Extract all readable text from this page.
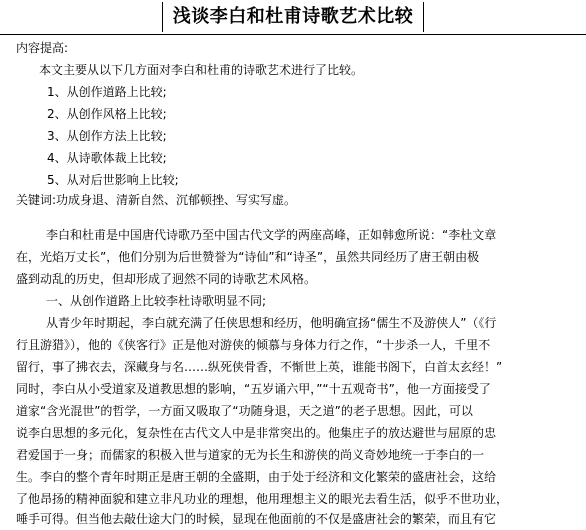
浅谈李白和杜甫诗歌艺术比较
内容提高:
本文主要从以下几方面对李白和杜甫的诗歌艺术进行了比较。
1、从创作道路上比较;
2、从创作风格上比较;
3、从创作方法上比较;
4、从诗歌体裁上比较;
5、从对后世影响上比较;
关键词:功成身退、清新自然、沉郁顿挫、写实写虚。
李白和杜甫是中国唐代诗歌乃至中国古代文学的两座高峰，正如韩愈所说：“李杜文章
在，光焰万丈长”，他们分别为后世赞誉为“诗仙”和“诗圣”，虽然共同经历了唐王朝由极
盛到动乱的历史，但却形成了迥然不同的诗歌艺术风格。
一、从创作道路上比较李杜诗歌明显不同;
从青少年时期起，李白就充满了任侠思想和经历，他明确宣扬“儒生不及游侠人”（《行
行且游猎》），他的《侠客行》正是他对游侠的倾慕与身体力行之作，“十步杀一人，千里不
留行，事了拂衣去，深藏身与名……纵死侠骨香，不惭世上英，谁能书阁下，白首太玄经！”
同时，李白从小受道家及道教思想的影响，“五岁诵六甲，”“十五观奇书”，他一方面接受了
道家“含光混世”的哲学，一方面又吸取了“功随身退，天之道”的老子思想。因此，可以
说李白思想的多元化，复杂性在古代文人中是非常突出的。他集庄子的放达避世与屈原的忠
君爱国于一身；而儒家的积极入世与道家的无为长生和游侠的尚义奇妙地统一于李白的一
生。李白的整个青年时期正是唐王朝的全盛期，由于处于经济和文化繁荣的盛唐社会，这给
了他昂扬的精神面貌和建立非凡功业的理想，他用理想主义的眼光去看生活，似乎不世功业，
唾手可得。但当他去敲仕途大门的时候，显现在他面前的不仅是盛唐社会的繁荣，而且有它
